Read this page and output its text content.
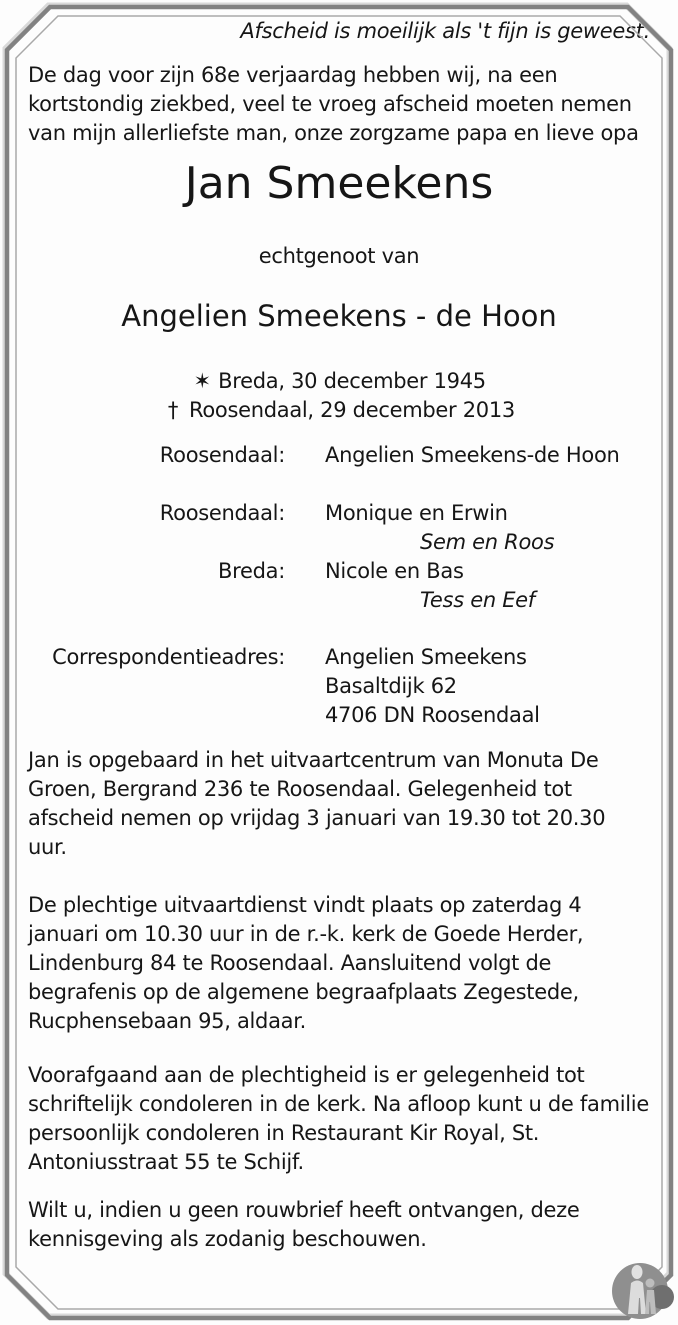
Afscheid is moeilijk als 't fijn is geweest.

De dag voor zijn 68e verjaardag hebben wij, na een kortstondig ziekbed, veel te vroeg afscheid moeten nemen van mijn allerliefste man, onze zorgzame papa en lieve opa

Jan Smeekens

echtgenoot van

Angelien Smeekens - de Hoon
✶ Breda, 30 december 1945
† Roosendaal, 29 december 2013
Roosendaal: Angelien Smeekens-de Hoon
Roosendaal: Monique en Erwin
Sem en Roos
Breda: Nicole en Bas
Tess en Eef
Correspondentieadres: Angelien Smeekens
Basaltdijk 62
4706 DN Roosendaal

Jan is opgebaard in het uitvaartcentrum van Monuta De Groen, Bergrand 236 te Roosendaal. Gelegenheid tot afscheid nemen op vrijdag 3 januari van 19.30 tot 20.30 uur.

De plechtige uitvaartdienst vindt plaats op zaterdag 4 januari om 10.30 uur in de r.-k. kerk de Goede Herder, Lindenburg 84 te Roosendaal. Aansluitend volgt de begrafenis op de algemene begraafplaats Zegestede, Rucphensebaan 95, aldaar.

Voorafgaand aan de plechtigheid is er gelegenheid tot schriftelijk condoleren in de kerk. Na afloop kunt u de familie persoonlijk condoleren in Restaurant Kir Royal, St. Antoniusstraat 55 te Schijf.

Wilt u, indien u geen rouwbrief heeft ontvangen, deze kennisgeving als zodanig beschouwen.
